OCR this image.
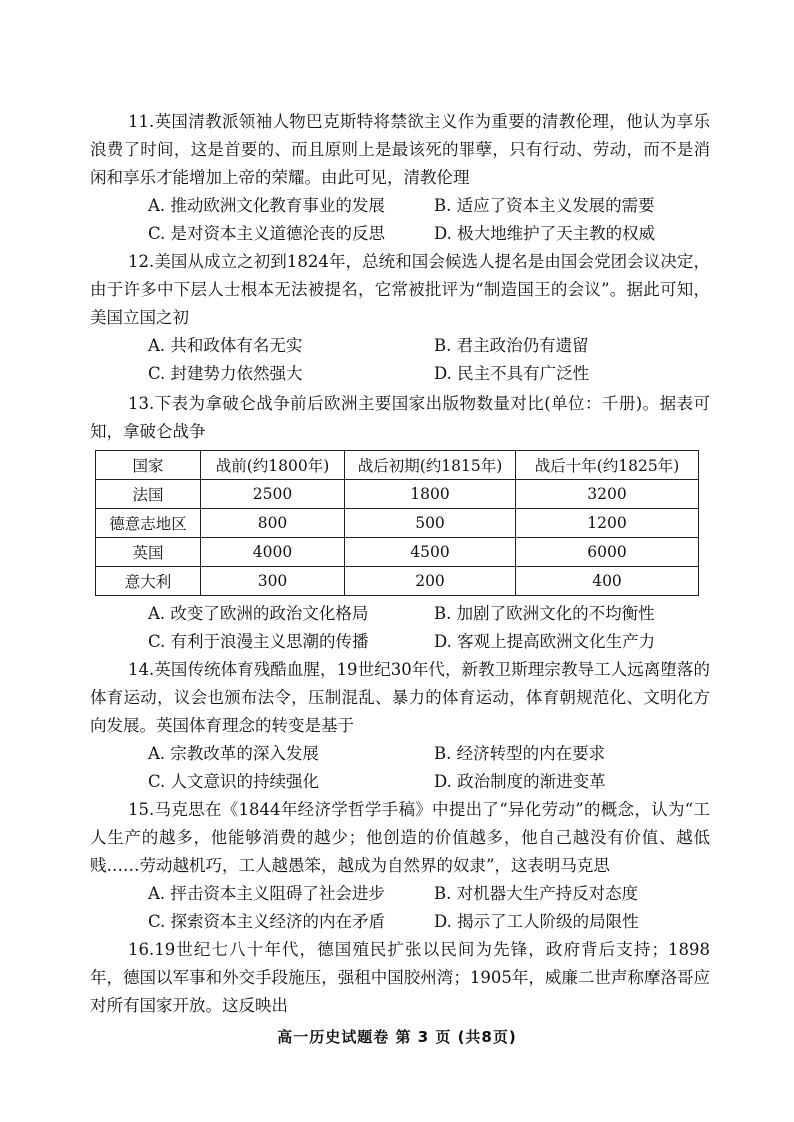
11.英国清教派领袖人物巴克斯特将禁欲主义作为重要的清教伦理，他认为享乐浪费了时间，这是首要的、而且原则上是最该死的罪孽，只有行动、劳动，而不是消闲和享乐才能增加上帝的荣耀。由此可见，清教伦理

A. 推动欧洲文化教育事业的发展	B. 适应了资本主义发展的需要
C. 是对资本主义道德沦丧的反思	D. 极大地维护了天主教的权威

12.美国从成立之初到1824年，总统和国会候选人提名是由国会党团会议决定，由于许多中下层人士根本无法被提名，它常被批评为“制造国王的会议”。据此可知，美国立国之初

A. 共和政体有名无实	B. 君主政治仍有遗留
C. 封建势力依然强大	D. 民主不具有广泛性

13.下表为拿破仑战争前后欧洲主要国家出版物数量对比(单位：千册)。据表可知，拿破仑战争

国家	战前(约1800年)	战后初期(约1815年)	战后十年(约1825年)
法国	2500	1800	3200
德意志地区	800	500	1200
英国	4000	4500	6000
意大利	300	200	400
A. 改变了欧洲的政治文化格局	B. 加剧了欧洲文化的不均衡性
C. 有利于浪漫主义思潮的传播	D. 客观上提高欧洲文化生产力

14.英国传统体育残酷血腥，19世纪30年代，新教卫斯理宗教导工人远离堕落的体育运动，议会也颁布法令，压制混乱、暴力的体育运动，体育朝规范化、文明化方向发展。英国体育理念的转变是基于

A. 宗教改革的深入发展	B. 经济转型的内在要求
C. 人文意识的持续强化	D. 政治制度的渐进变革

15.马克思在《1844年经济学哲学手稿》中提出了“异化劳动”的概念，认为“工人生产的越多，他能够消费的越少；他创造的价值越多，他自己越没有价值、越低贱……劳动越机巧，工人越愚笨，越成为自然界的奴隶”，这表明马克思

A. 抨击资本主义阻碍了社会进步	B. 对机器大生产持反对态度
C. 探索资本主义经济的内在矛盾	D. 揭示了工人阶级的局限性

16.19世纪七八十年代，德国殖民扩张以民间为先锋，政府背后支持；1898年，德国以军事和外交手段施压，强租中国胶州湾；1905年，威廉二世声称摩洛哥应对所有国家开放。这反映出

高一历史试题卷 第 3 页 (共8页)
